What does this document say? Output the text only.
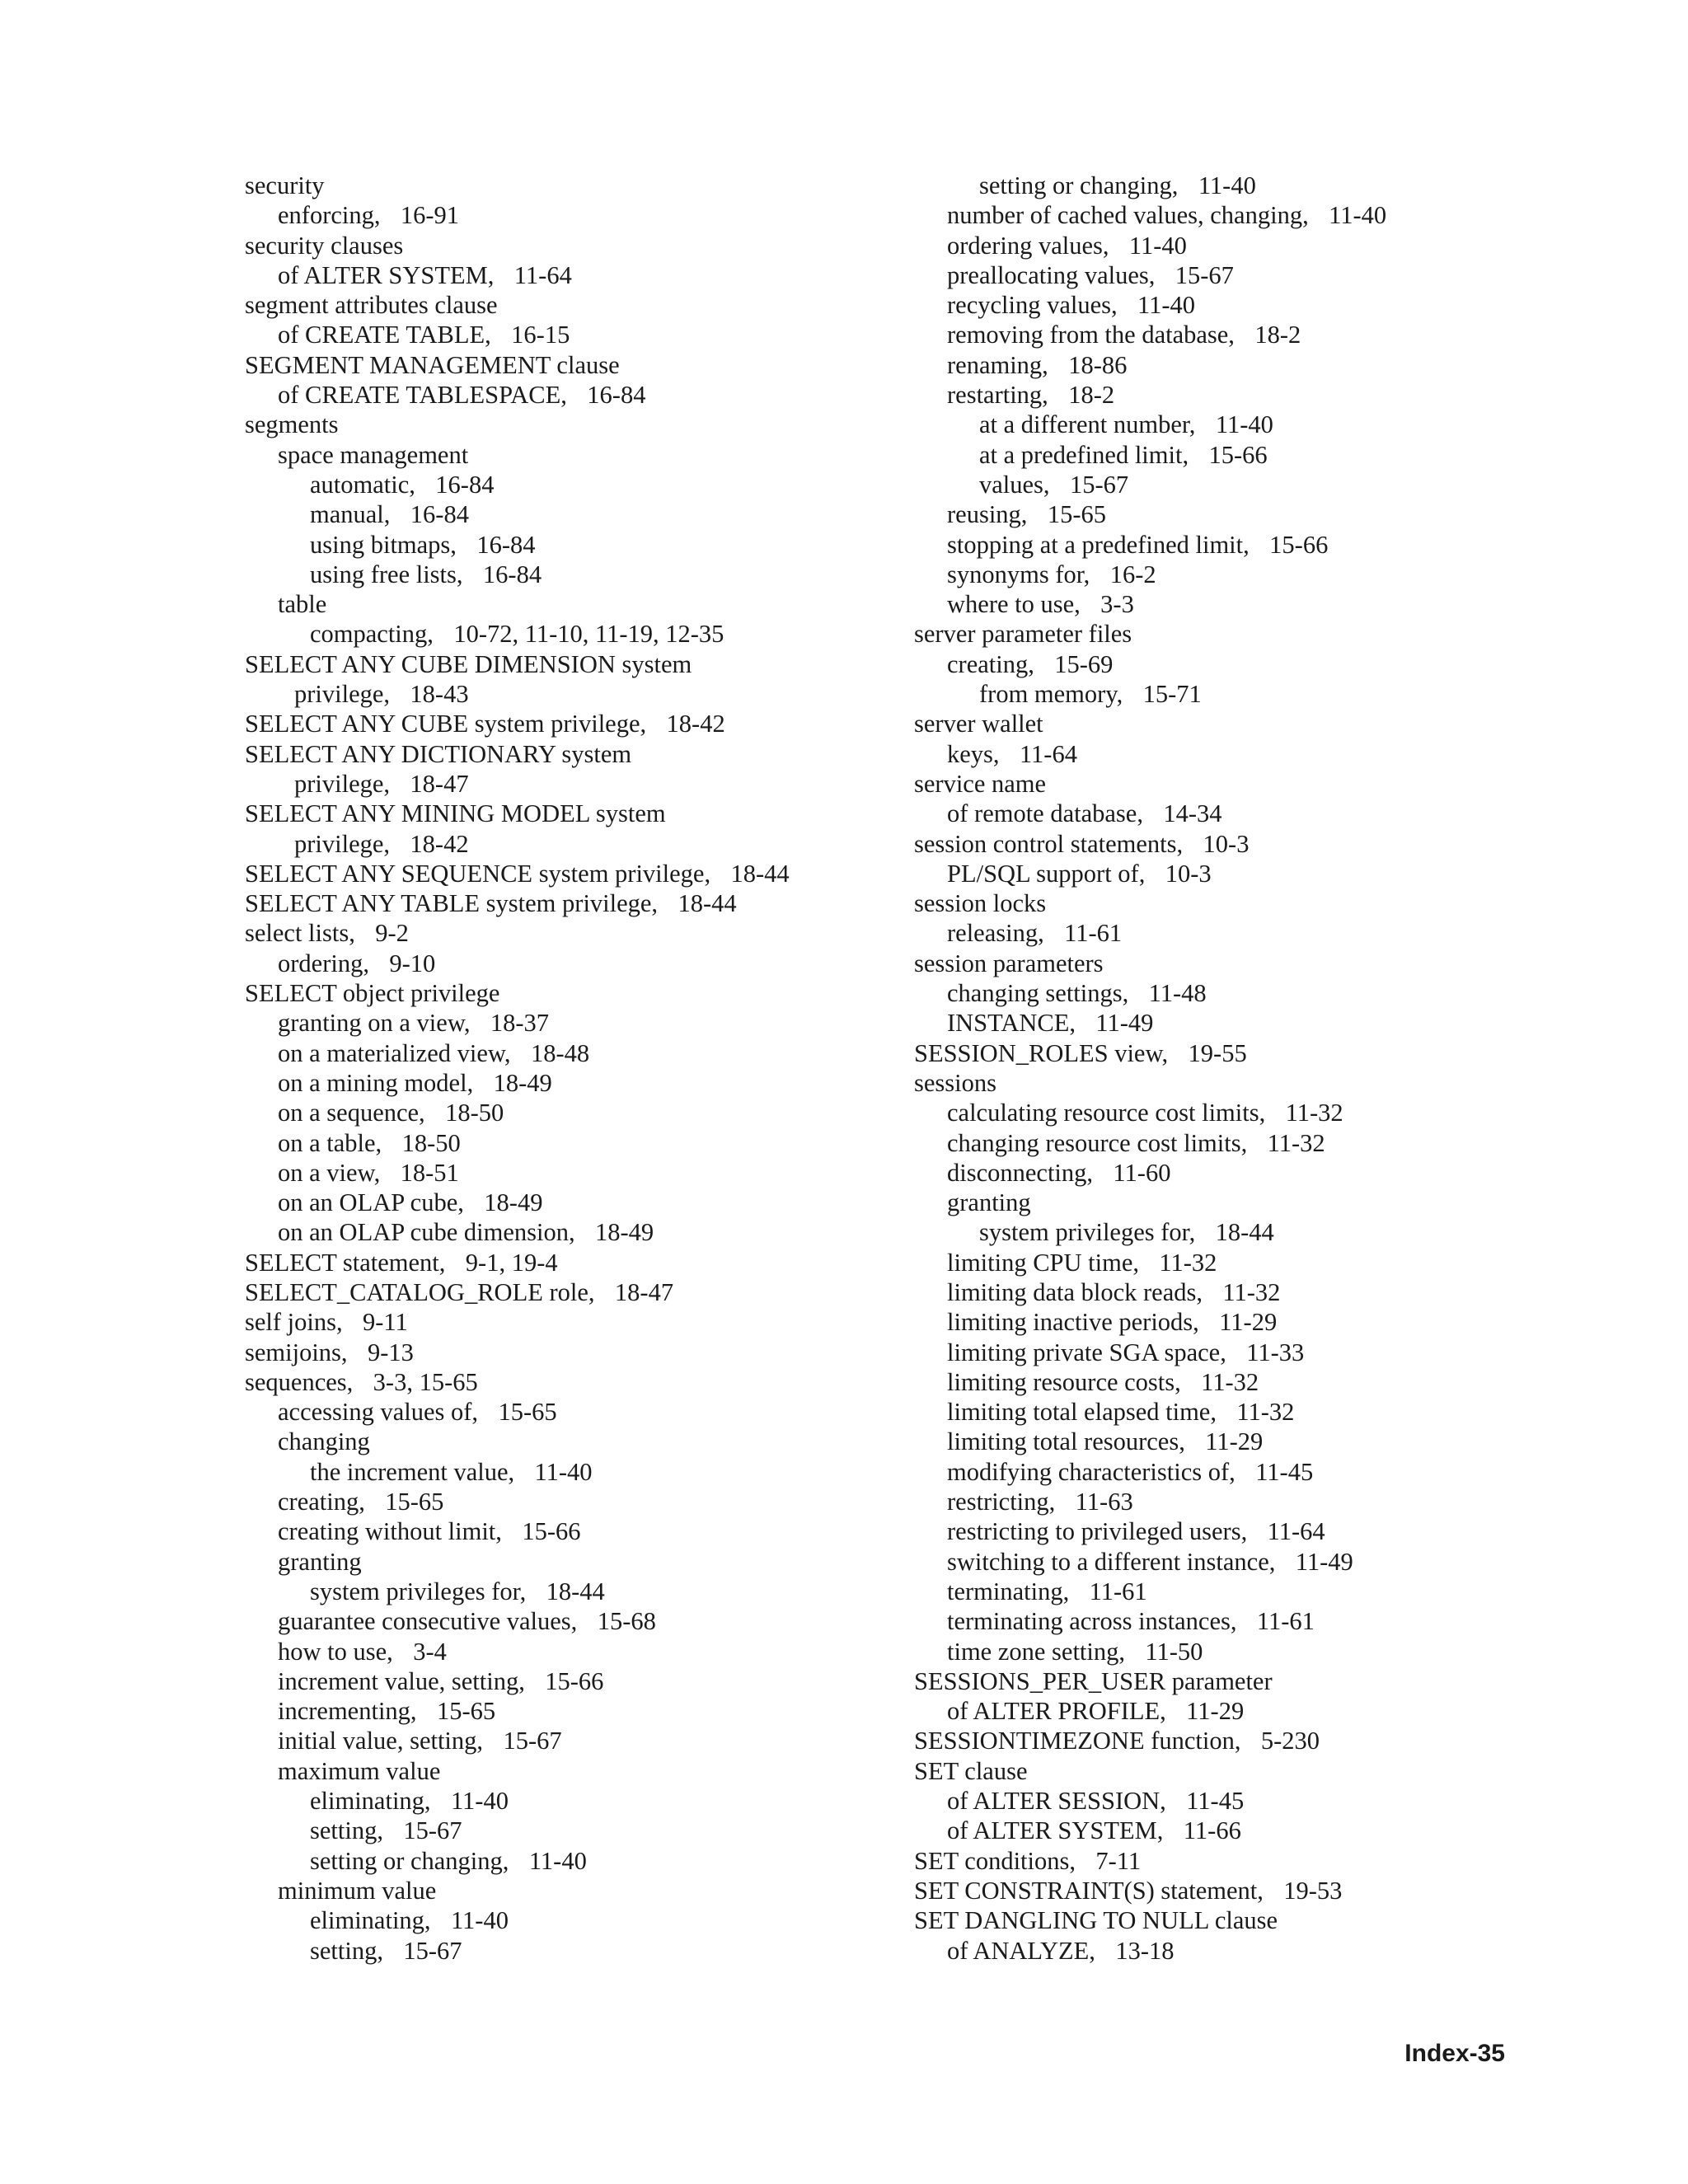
security
enforcing, 16-91
security clauses
of ALTER SYSTEM, 11-64
segment attributes clause
of CREATE TABLE, 16-15
SEGMENT MANAGEMENT clause
of CREATE TABLESPACE, 16-84
segments
space management
automatic, 16-84
manual, 16-84
using bitmaps, 16-84
using free lists, 16-84
table
compacting, 10-72, 11-10, 11-19, 12-35
SELECT ANY CUBE DIMENSION system
privilege, 18-43
SELECT ANY CUBE system privilege, 18-42
SELECT ANY DICTIONARY system
privilege, 18-47
SELECT ANY MINING MODEL system
privilege, 18-42
SELECT ANY SEQUENCE system privilege, 18-44
SELECT ANY TABLE system privilege, 18-44
select lists, 9-2
ordering, 9-10
SELECT object privilege
granting on a view, 18-37
on a materialized view, 18-48
on a mining model, 18-49
on a sequence, 18-50
on a table, 18-50
on a view, 18-51
on an OLAP cube, 18-49
on an OLAP cube dimension, 18-49
SELECT statement, 9-1, 19-4
SELECT_CATALOG_ROLE role, 18-47
self joins, 9-11
semijoins, 9-13
sequences, 3-3, 15-65
accessing values of, 15-65
changing
the increment value, 11-40
creating, 15-65
creating without limit, 15-66
granting
system privileges for, 18-44
guarantee consecutive values, 15-68
how to use, 3-4
increment value, setting, 15-66
incrementing, 15-65
initial value, setting, 15-67
maximum value
eliminating, 11-40
setting, 15-67
setting or changing, 11-40
minimum value
eliminating, 11-40
setting, 15-67
setting or changing, 11-40
number of cached values, changing, 11-40
ordering values, 11-40
preallocating values, 15-67
recycling values, 11-40
removing from the database, 18-2
renaming, 18-86
restarting, 18-2
at a different number, 11-40
at a predefined limit, 15-66
values, 15-67
reusing, 15-65
stopping at a predefined limit, 15-66
synonyms for, 16-2
where to use, 3-3
server parameter files
creating, 15-69
from memory, 15-71
server wallet
keys, 11-64
service name
of remote database, 14-34
session control statements, 10-3
PL/SQL support of, 10-3
session locks
releasing, 11-61
session parameters
changing settings, 11-48
INSTANCE, 11-49
SESSION_ROLES view, 19-55
sessions
calculating resource cost limits, 11-32
changing resource cost limits, 11-32
disconnecting, 11-60
granting
system privileges for, 18-44
limiting CPU time, 11-32
limiting data block reads, 11-32
limiting inactive periods, 11-29
limiting private SGA space, 11-33
limiting resource costs, 11-32
limiting total elapsed time, 11-32
limiting total resources, 11-29
modifying characteristics of, 11-45
restricting, 11-63
restricting to privileged users, 11-64
switching to a different instance, 11-49
terminating, 11-61
terminating across instances, 11-61
time zone setting, 11-50
SESSIONS_PER_USER parameter
of ALTER PROFILE, 11-29
SESSIONTIMEZONE function, 5-230
SET clause
of ALTER SESSION, 11-45
of ALTER SYSTEM, 11-66
SET conditions, 7-11
SET CONSTRAINT(S) statement, 19-53
SET DANGLING TO NULL clause
of ANALYZE, 13-18
Index-35
